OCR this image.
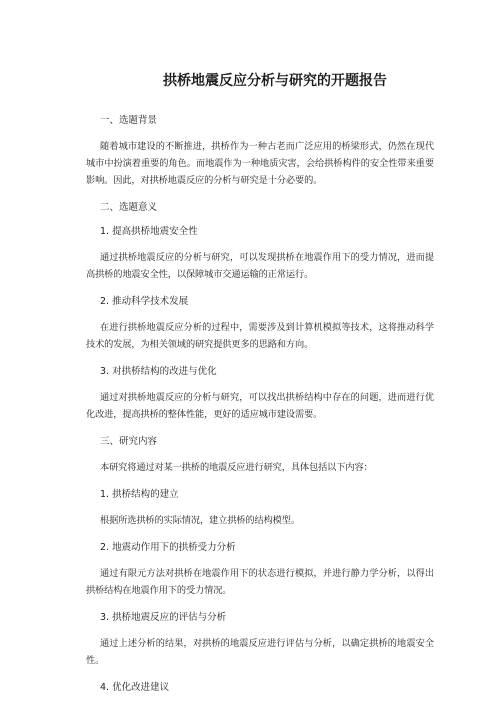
拱桥地震反应分析与研究的开题报告
一、选题背景

随着城市建设的不断推进，拱桥作为一种古老而广泛应用的桥梁形式，仍然在现代城市中扮演着重要的角色。而地震作为一种地质灾害，会给拱桥构件的安全性带来重要影响。因此，对拱桥地震反应的分析与研究是十分必要的。

二、选题意义
1. 提高拱桥地震安全性

通过拱桥地震反应的分析与研究，可以发现拱桥在地震作用下的受力情况，进而提高拱桥的地震安全性，以保障城市交通运输的正常运行。

2. 推动科学技术发展

在进行拱桥地震反应分析的过程中，需要涉及到计算机模拟等技术，这将推动科学技术的发展，为相关领域的研究提供更多的思路和方向。

3. 对拱桥结构的改进与优化

通过对拱桥地震反应的分析与研究，可以找出拱桥结构中存在的问题，进而进行优化改进，提高拱桥的整体性能，更好的适应城市建设需要。

三、研究内容

本研究将通过对某一拱桥的地震反应进行研究，具体包括以下内容：

1. 拱桥结构的建立

根据所选拱桥的实际情况，建立拱桥的结构模型。

2. 地震动作用下的拱桥受力分析

通过有限元方法对拱桥在地震作用下的状态进行模拟，并进行静力学分析，以得出拱桥结构在地震作用下的受力情况。

3. 拱桥地震反应的评估与分析

通过上述分析的结果，对拱桥的地震反应进行评估与分析，以确定拱桥的地震安全性。

4. 优化改进建议
